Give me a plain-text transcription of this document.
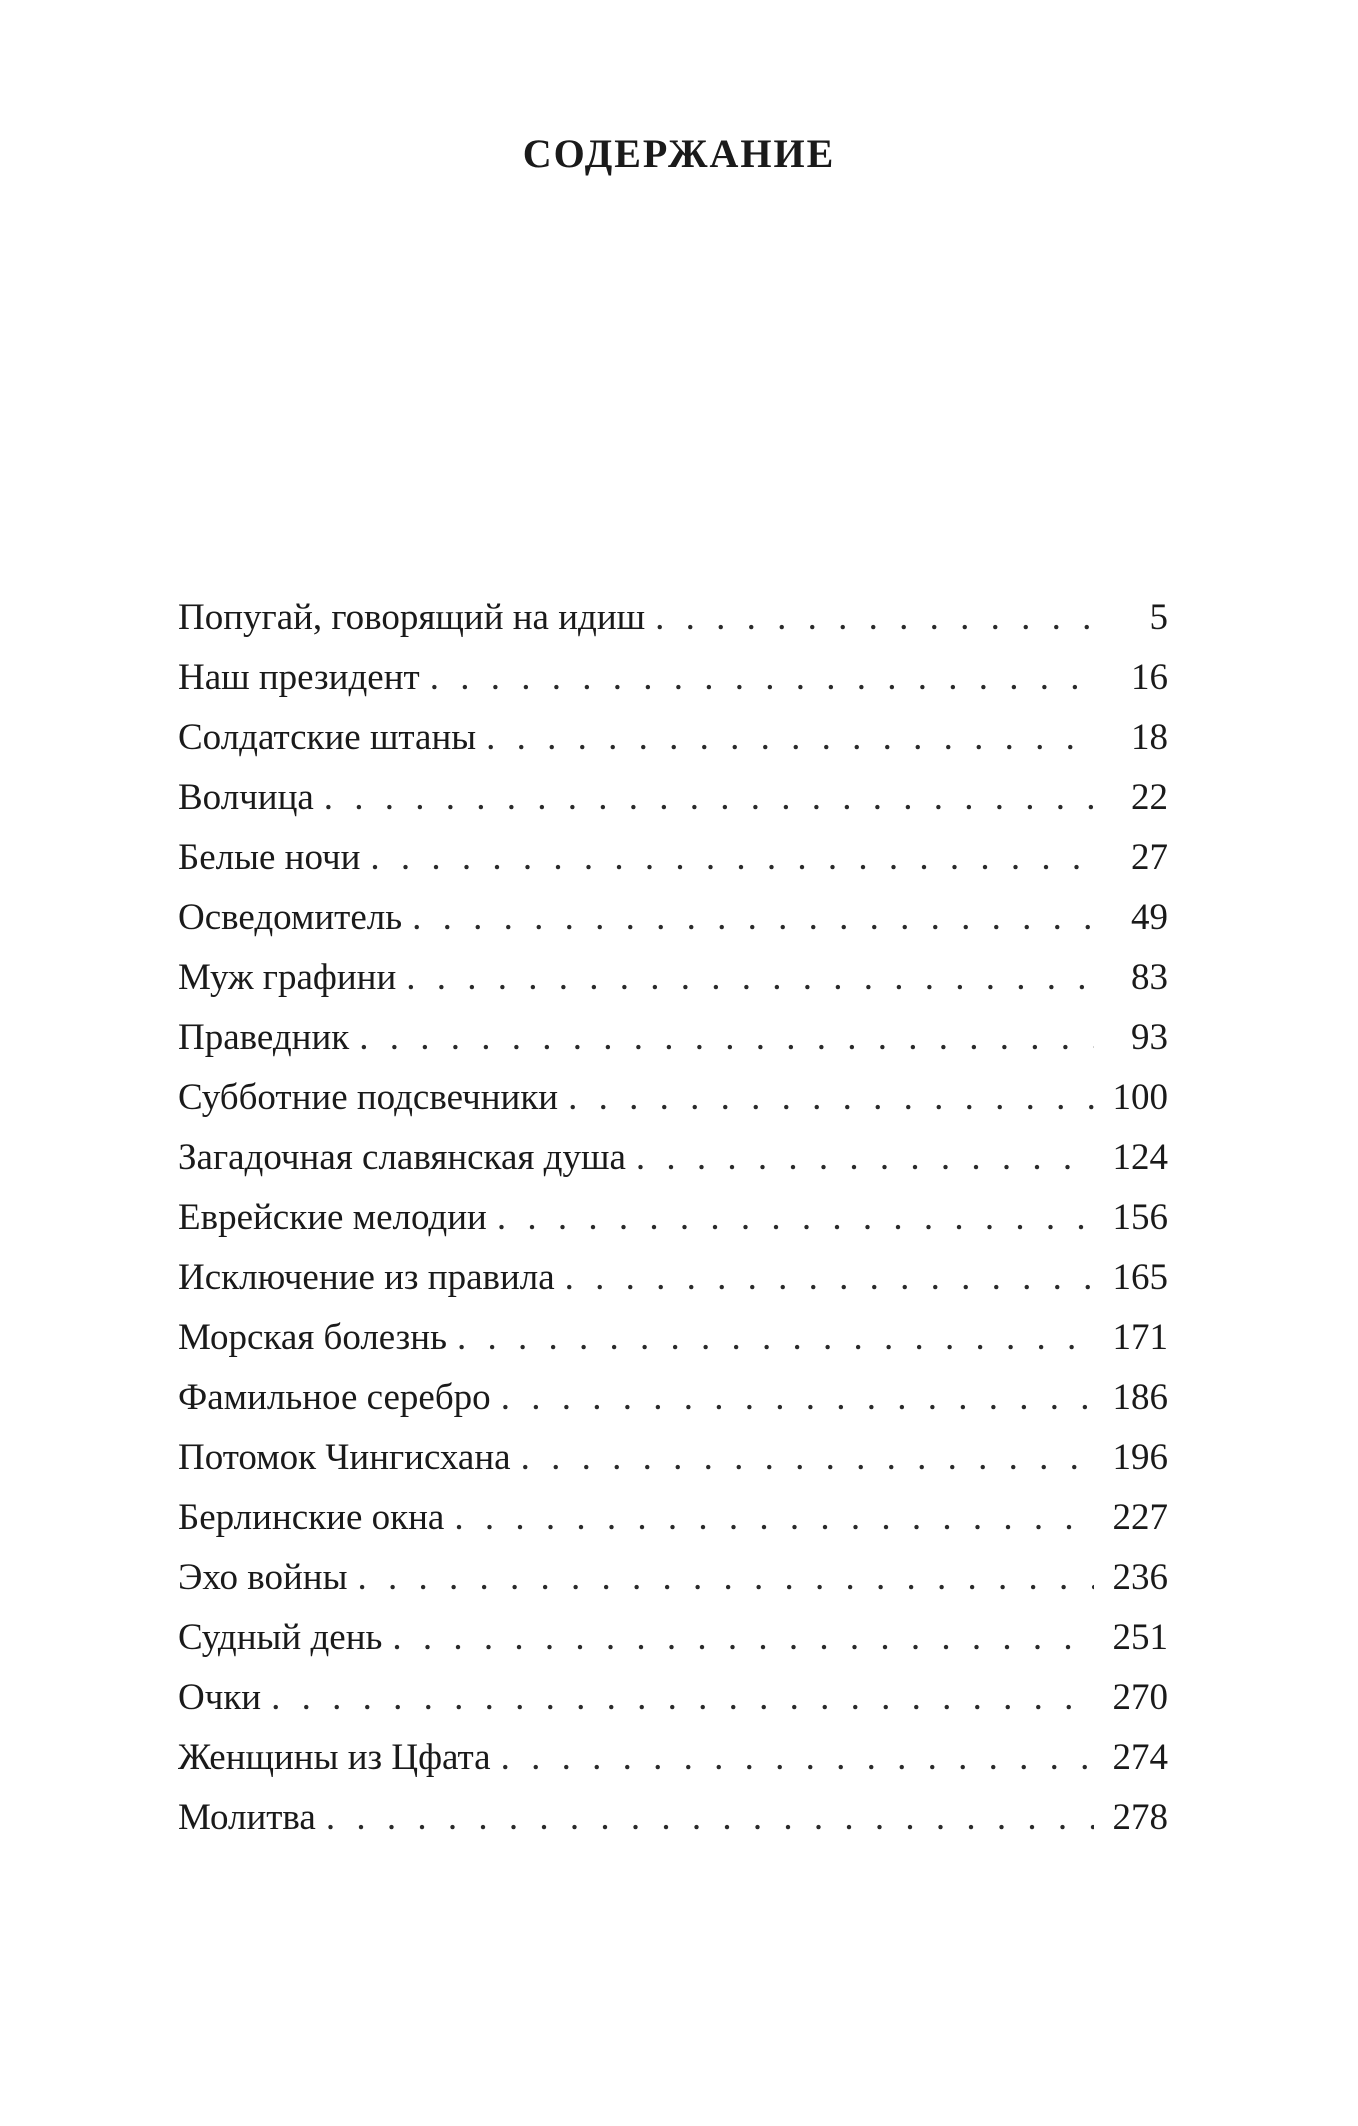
СОДЕРЖАНИЕ
Попугай, говорящий на идиш . . .	5
Наш президент . . .	16
Солдатские штаны . . .	18
Волчица . . .	22
Белые ночи . . .	27
Осведомитель . . .	49
Муж графини . . .	83
Праведник . . .	93
Субботние подсвечники . . .	100
Загадочная славянская душа . . .	124
Еврейские мелодии . . .	156
Исключение из правила . . .	165
Морская болезнь . . .	171
Фамильное серебро . . .	186
Потомок Чингисхана . . .	196
Берлинские окна . . .	227
Эхо войны . . .	236
Судный день . . .	251
Очки . . .	270
Женщины из Цфата . . .	274
Молитва . . .	278
